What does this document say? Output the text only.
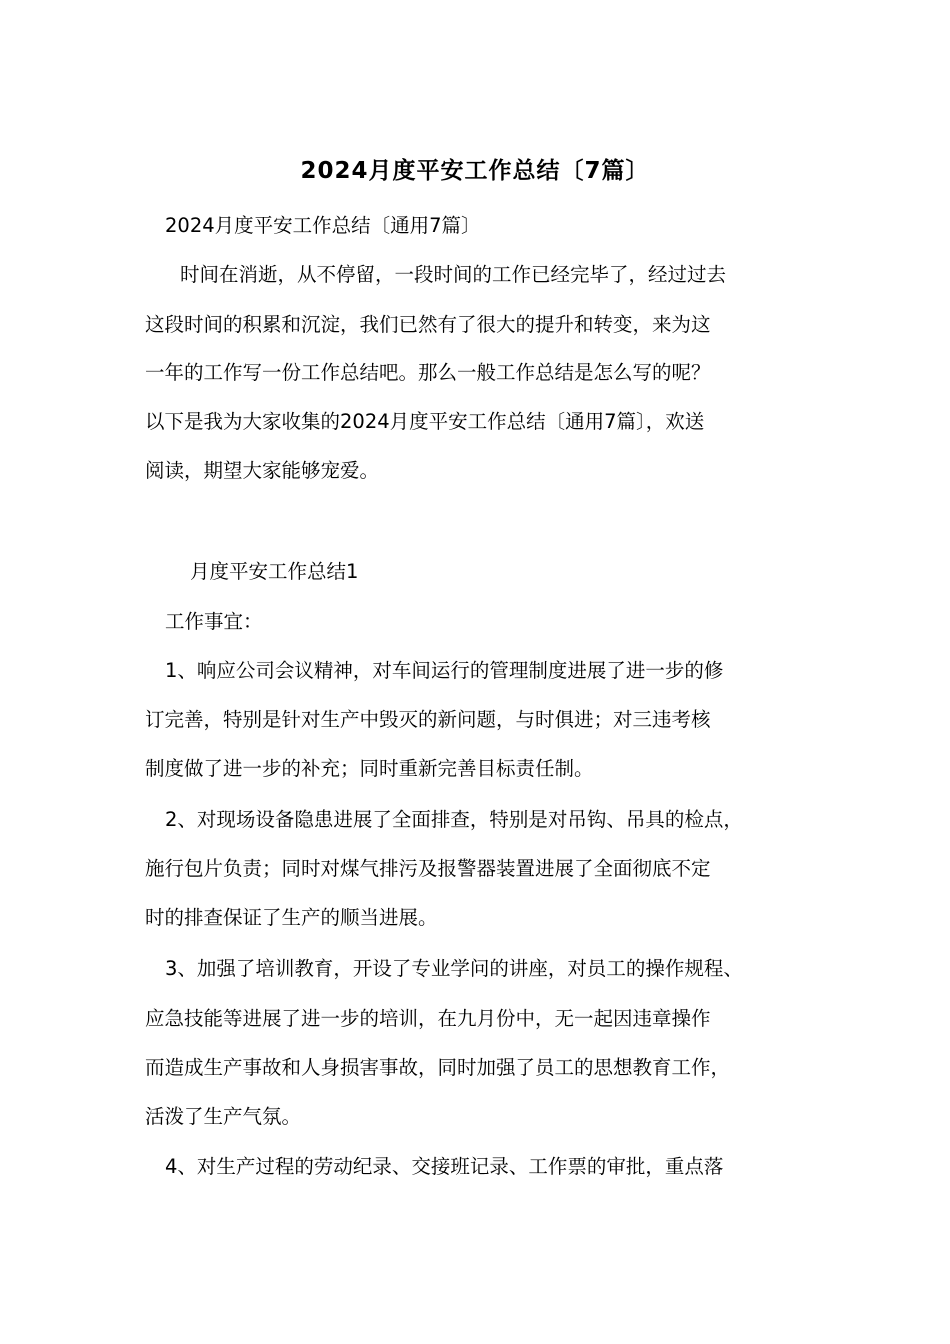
2024月度平安工作总结〔7篇〕
2024月度平安工作总结〔通用7篇〕
时间在消逝，从不停留，一段时间的工作已经完毕了，经过过去
这段时间的积累和沉淀，我们已然有了很大的提升和转变，来为这
一年的工作写一份工作总结吧。那么一般工作总结是怎么写的呢？
以下是我为大家收集的2024月度平安工作总结〔通用7篇〕，欢送
阅读，期望大家能够宠爱。
月度平安工作总结1
工作事宜：
1、响应公司会议精神，对车间运行的管理制度进展了进一步的修
订完善，特别是针对生产中毁灭的新问题，与时俱进；对三违考核
制度做了进一步的补充；同时重新完善目标责任制。
2、对现场设备隐患进展了全面排查，特别是对吊钩、吊具的检点，
施行包片负责；同时对煤气排污及报警器装置进展了全面彻底不定
时的排查保证了生产的顺当进展。
3、加强了培训教育，开设了专业学问的讲座，对员工的操作规程、
应急技能等进展了进一步的培训，在九月份中，无一起因违章操作
而造成生产事故和人身损害事故，同时加强了员工的思想教育工作，
活泼了生产气氛。
4、对生产过程的劳动纪录、交接班记录、工作票的审批，重点落
